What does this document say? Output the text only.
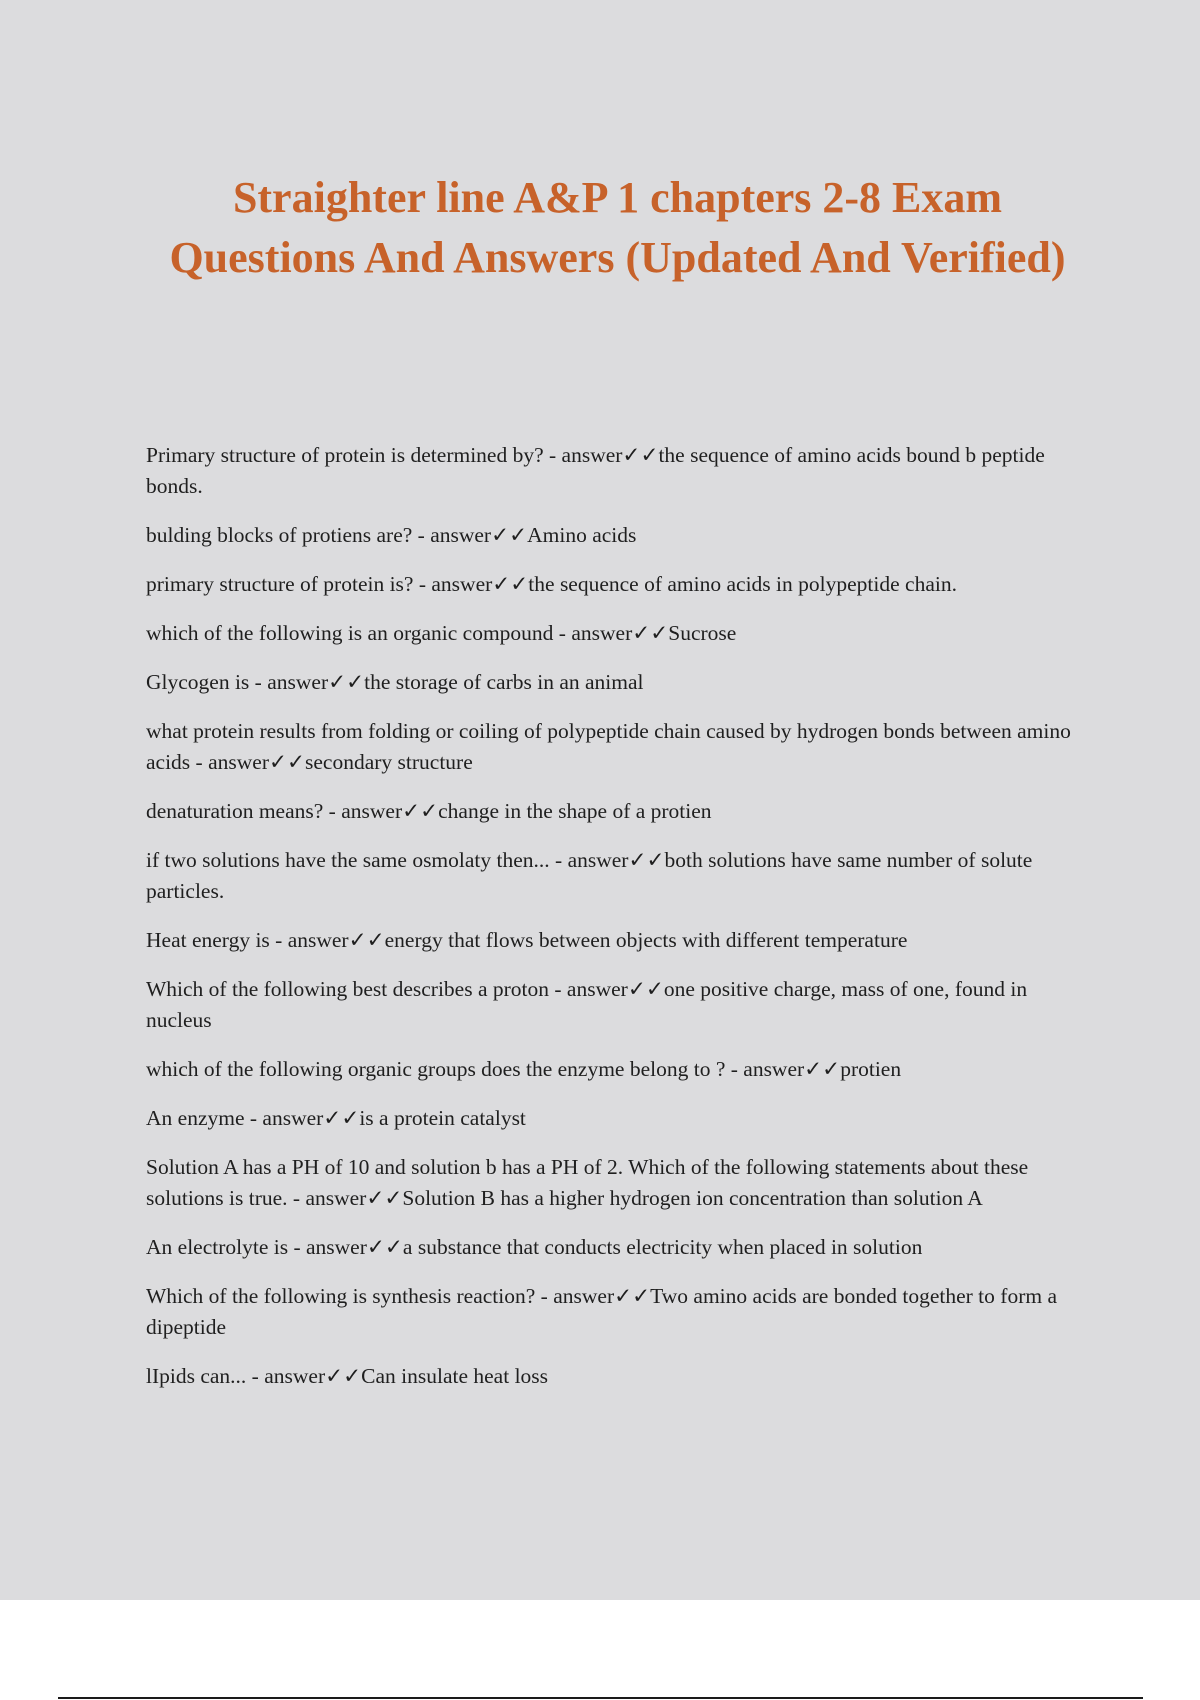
Straighter line A&P 1 chapters 2-8 Exam Questions And Answers (Updated And Verified)
Primary structure of protein is determined by? - answer✓✓the sequence of amino acids bound b peptide bonds.
bulding blocks of protiens are? - answer✓✓Amino acids
primary structure of protein is? - answer✓✓the sequence of amino acids in polypeptide chain.
which of the following is an organic compound - answer✓✓Sucrose
Glycogen is - answer✓✓the storage of carbs in an animal
what protein results from folding or coiling of polypeptide chain caused by hydrogen bonds between amino acids - answer✓✓secondary structure
denaturation means? - answer✓✓change in the shape of a protien
if two solutions have the same osmolaty then... - answer✓✓both solutions have same number of solute particles.
Heat energy is - answer✓✓energy that flows between objects with different temperature
Which of the following best describes a proton - answer✓✓one positive charge, mass of one, found in nucleus
which of the following organic groups does the enzyme belong to ? - answer✓✓protien
An enzyme - answer✓✓is a protein catalyst
Solution A has a PH of 10 and solution b has a PH of 2. Which of the following statements about these solutions is true. - answer✓✓Solution B has a higher hydrogen ion concentration than solution A
An electrolyte is - answer✓✓a substance that conducts electricity when placed in solution
Which of the following is synthesis reaction? - answer✓✓Two amino acids are bonded together to form a dipeptide
lIpids can... - answer✓✓Can insulate heat loss
